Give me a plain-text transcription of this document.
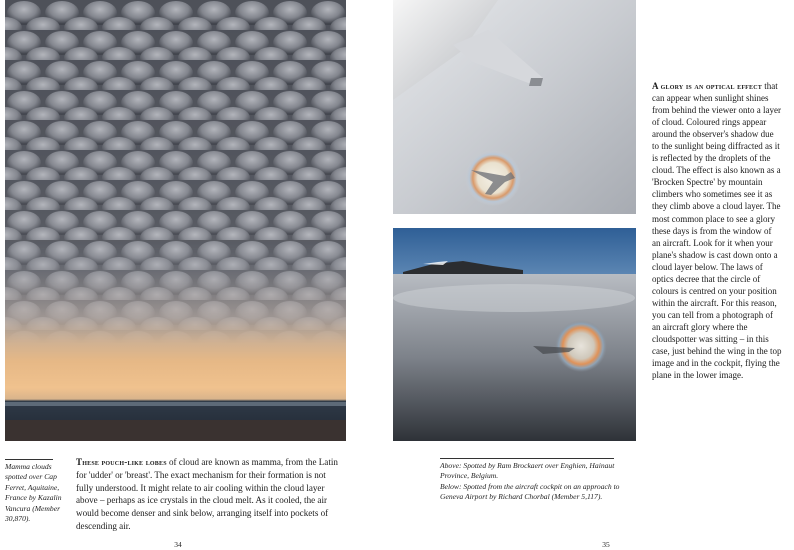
A glory is an optical effect that can appear when sunlight shines from behind the viewer onto a layer of cloud. Coloured rings appear around the observer's shadow due to the sunlight being diffracted as it is reflected by the droplets of the cloud. The effect is also known as a 'Brocken Spectre' by mountain climbers who sometimes see it as they climb above a cloud layer. The most common place to see a glory these days is from the window of an aircraft. Look for it when your plane's shadow is cast down onto a cloud layer below. The laws of optics decree that the circle of colours is centred on your position within the aircraft. For this reason, you can tell from a photograph of an aircraft glory where the cloudspotter was sitting – in this case, just behind the wing in the top image and in the cockpit, flying the plane in the lower image.
Mamma clouds spotted over Cap Ferret, Aquitaine, France by Kazalin Vancura (Member 30,870).
These pouch-like lobes of cloud are known as mamma, from the Latin for 'udder' or 'breast'. The exact mechanism for their formation is not fully understood. It might relate to air cooling within the cloud layer above – perhaps as ice crystals in the cloud melt. As it cooled, the air would become denser and sink below, arranging itself into pockets of descending air.
Above: Spotted by Ram Brockaert over Enghien, Hainaut Province, Belgium.
Below: Spotted from the aircraft cockpit on an approach to Geneva Airport by Richard Chorbal (Member 5,117).
34	35
